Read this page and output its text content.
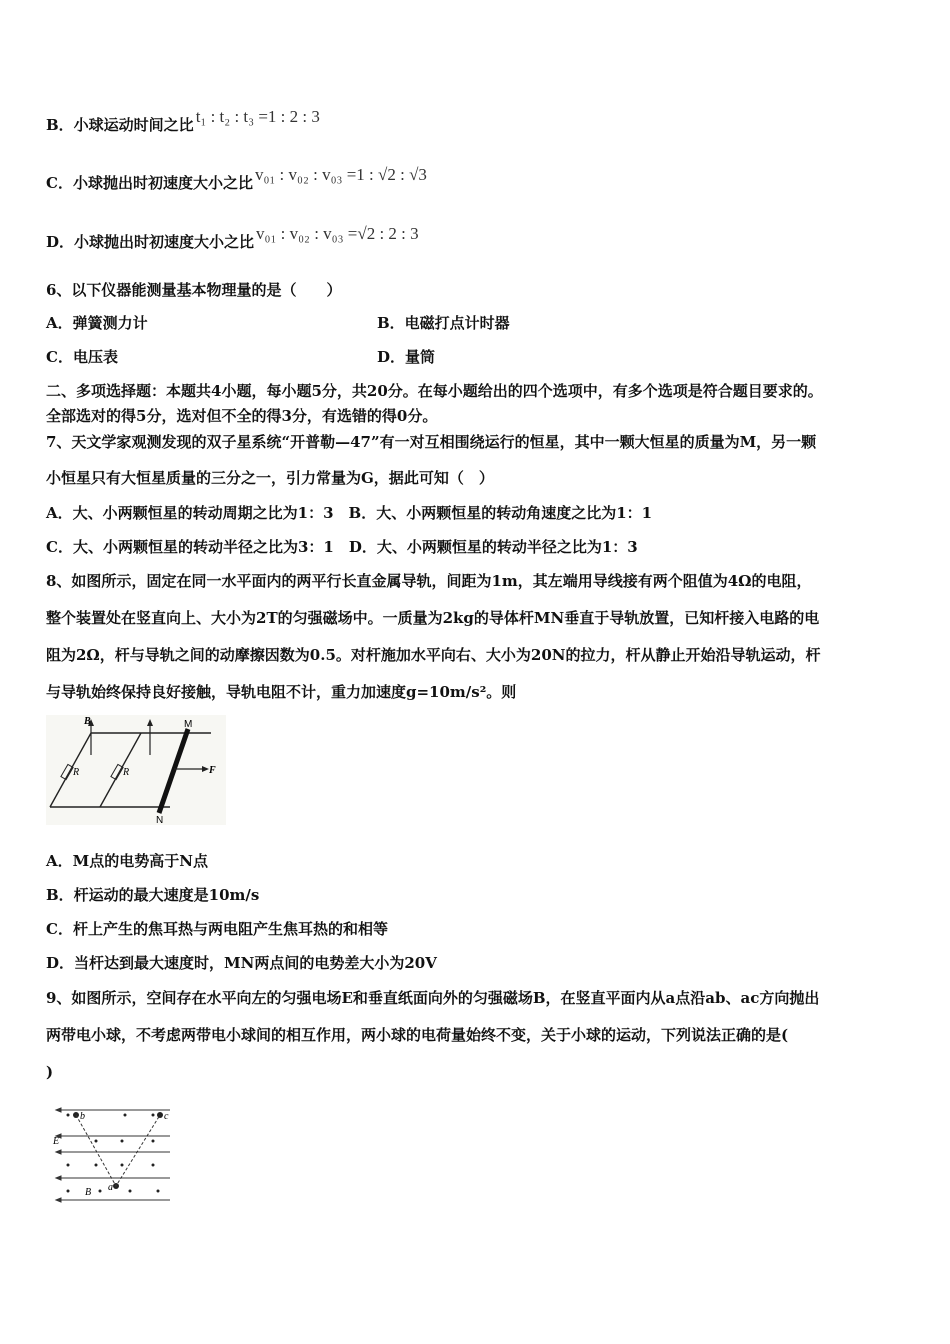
B．小球运动时间之比 t₁ : t₂ : t₃ =1 : 2 : 3
C．小球抛出时初速度大小之比 v₀₁ : v₀₂ : v₀₃ =1 : √2 : √3
D．小球抛出时初速度大小之比 v₀₁ : v₀₂ : v₀₃ =√2 : 2 : 3
6、以下仪器能测量基本物理量的是（　　）
A．弹簧测力计	B．电磁打点计时器
C．电压表	D．量筒
二、多项选择题：本题共4小题，每小题5分，共20分。在每小题给出的四个选项中，有多个选项是符合题目要求的。
全部选对的得5分，选对但不全的得3分，有选错的得0分。
7、天文学家观测发现的双子星系统“开普勒—47”有一对互相围绕运行的恒星，其中一颗大恒星的质量为M，另一颗
小恒星只有大恒星质量的三分之一，引力常量为G，据此可知（　）
A．大、小两颗恒星的转动周期之比为1：3　B．大、小两颗恒星的转动角速度之比为1：1
C．大、小两颗恒星的转动半径之比为3：1　D．大、小两颗恒星的转动半径之比为1：3
8、如图所示，固定在同一水平面内的两平行长直金属导轨，间距为1m，其左端用导线接有两个阻值为4Ω的电阻，
整个装置处在竖直向上、大小为2T的匀强磁场中。一质量为2kg的导体杆MN垂直于导轨放置，已知杆接入电路的电
阻为2Ω，杆与导轨之间的动摩擦因数为0.5。对杆施加水平向右、大小为20N的拉力，杆从静止开始沿导轨运动，杆
与导轨始终保持良好接触，导轨电阻不计，重力加速度g=10m/s²。则
R	R
B	M
N
F
A．M点的电势高于N点
B．杆运动的最大速度是10m/s
C．杆上产生的焦耳热与两电阻产生焦耳热的和相等
D．当杆达到最大速度时，MN两点间的电势差大小为20V
9、如图所示，空间存在水平向左的匀强电场E和垂直纸面向外的匀强磁场B，在竖直平面内从a点沿ab、ac方向抛出
两带电小球，不考虑两带电小球间的相互作用，两小球的电荷量始终不变，关于小球的运动，下列说法正确的是(
)
b	c
E
B a
